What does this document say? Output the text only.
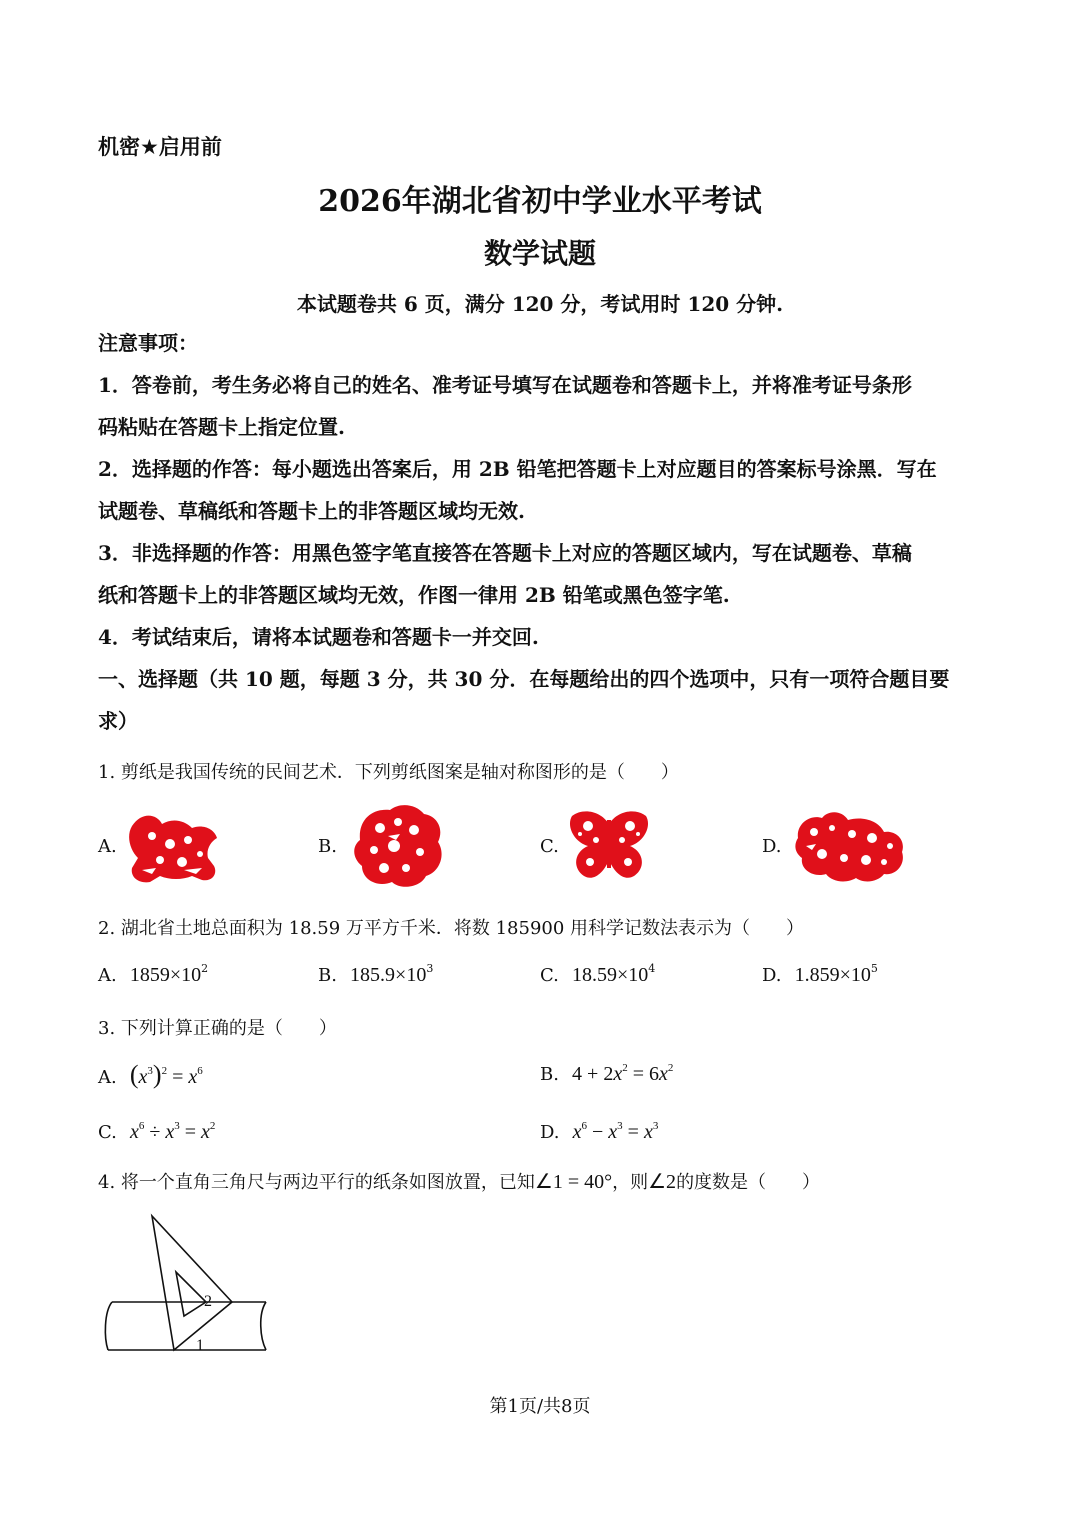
机密★启用前
2026年湖北省初中学业水平考试
数学试题
本试题卷共 6 页，满分 120 分，考试用时 120 分钟.
注意事项：
1．答卷前，考生务必将自己的姓名、准考证号填写在试题卷和答题卡上，并将准考证号条形
码粘贴在答题卡上指定位置.
2．选择题的作答：每小题选出答案后，用 2B 铅笔把答题卡上对应题目的答案标号涂黑．写在
试题卷、草稿纸和答题卡上的非答题区域均无效.
3．非选择题的作答：用黑色签字笔直接答在答题卡上对应的答题区域内，写在试题卷、草稿
纸和答题卡上的非答题区域均无效，作图一律用 2B 铅笔或黑色签字笔.
4．考试结束后，请将本试题卷和答题卡一并交回.
一、选择题（共 10 题，每题 3 分，共 30 分．在每题给出的四个选项中，只有一项符合题目要
求）
1. 剪纸是我国传统的民间艺术．下列剪纸图案是轴对称图形的是（　　）
A.	B.	C.	D.
2. 湖北省土地总面积为 18.59 万平方千米．将数 185900 用科学记数法表示为（　　）
A. $1859\times 10^2$	B. $185.9\times 10^3$	C. $18.59\times 10^4$	D. $1.859\times 10^5$
3. 下列计算正确的是（　　）
A. $(x^3)^2 = x^6$	B. $4 + 2x^2 = 6x^2$
C. $x^6 \div x^3 = x^2$	D. $x^6 - x^3 = x^3$
4. 将一个直角三角尺与两边平行的纸条如图放置，已知∠1 = 40°，则∠2的度数是（　　）
2
1
第1页/共8页
